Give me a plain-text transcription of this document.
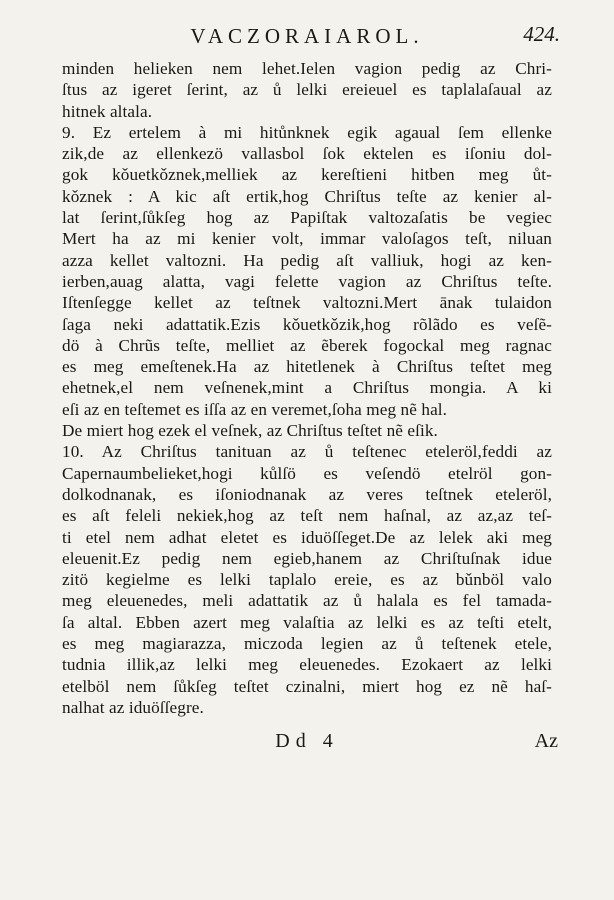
VACZORAIAROL.	424.
minden helieken nem lehet.Ielen vagion pedig az Chri-
ſtus az igeret ſerint, az ů lelki ereieuel es taplalaſaual az
hitnek altala.
9. Ez ertelem à mi hitůnknek egik agaual ſem ellenke
zik,de az ellenkezö vallasbol ſok ektelen es iſoniu dol-
gok kǒuetkǒznek,melliek az kereſtieni hitben meg ůt-
kǒznek : A kic aſt ertik,hog Chriſtus teſte az kenier al-
lat ſerint,ſůkſeg hog az Papiſtak valtozaſatis be vegiec
Mert ha az mi kenier volt, immar valoſagos teſt, niluan
azza kellet valtozni. Ha pedig aſt valliuk, hogi az ken-
ierben,auag alatta, vagi felette vagion az Chriſtus teſte.
Iſtenſegge kellet az teſtnek valtozni.Mert ānak tulaidon
ſaga neki adattatik.Ezis kǒuetkǒzik,hog rõlãdo es veſẽ-
dö à Chrũs teſte, melliet az ẽberek fogockal meg ragnac
es meg emeſtenek.Ha az hitetlenek à Chriſtus teſtet meg
ehetnek,el nem veſnenek,mint a Chriſtus mongia. A ki
eſi az en teſtemet es iſſa az en veremet,ſoha meg nẽ hal.
De miert hog ezek el veſnek, az Chriſtus teſtet nẽ eſik.
10. Az Chriſtus tanituan az ů teſtenec eteleröl,feddi az
Capernaumbelieket,hogi kůlſö es veſendö etelröl gon-
dolkodnanak, es iſoniodnanak az veres teſtnek eteleröl,
es aſt feleli nekiek,hog az teſt nem haſnal, az az,az teſ-
ti etel nem adhat eletet es iduöſſeget.De az lelek aki meg
eleuenit.Ez pedig nem egieb,hanem az Chriſtuſnak idue
zitö kegielme es lelki taplalo ereie, es az bǔnböl valo
meg eleuenedes, meli adattatik az ů halala es fel tamada-
ſa altal. Ebben azert meg valaſtia az lelki es az teſti etelt,
es meg magiarazza, miczoda legien az ů teſtenek etele,
tudnia illik,az lelki meg eleuenedes. Ezokaert az lelki
etelböl nem ſůkſeg teſtet czinalni, miert hog ez nẽ haſ-
nalhat az iduöſſegre.
Dd 4	Az
